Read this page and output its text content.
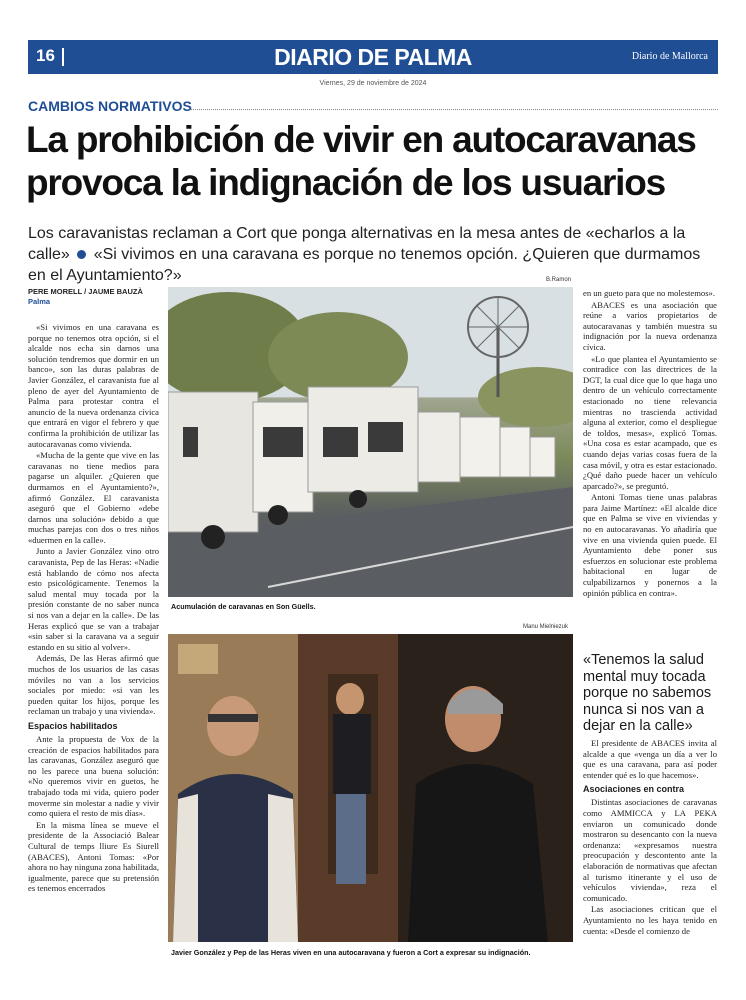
16	DIARIO DE PALMA	Diario de Mallorca
Viernes, 29 de noviembre de 2024
CAMBIOS NORMATIVOS
La prohibición de vivir en autocaravanas provoca la indignación de los usuarios
Los caravanistas reclaman a Cort que ponga alternativas en la mesa antes de «echarlos a la calle» «Si vivimos en una caravana es porque no tenemos opción. ¿Quieren que durmamos en el Ayuntamiento?»
PERE MORELL / JAUME BAUZÀ
Palma

«Si vivimos en una caravana es porque no tenemos otra opción, si el alcalde nos echa sin darnos una solución tendremos que dormir en un banco», son las duras palabras de Javier González, el caravanista fue al pleno de ayer del Ayuntamiento de Palma para protestar contra el anuncio de la nueva ordenanza cívica que entrará en vigor el febrero y que confirma la prohibición de utilizar las autocaravanas como vivienda.

«Mucha de la gente que vive en las caravanas no tiene medios para pagarse un alquiler. ¿Quieren que durmamos en el Ayuntamiento?», afirmó González. El caravanista aseguró que el Gobierno «debe darnos una solución» debido a que muchas parejas con dos o tres niños «duermen en la calle».

Junto a Javier González vino otro caravanista, Pep de las Heras: «Nadie está hablando de cómo nos afecta esto psicológicamente. Tenemos la salud mental muy tocada por la presión constante de no saber nunca si nos van a dejar en la calle». De las Heras explicó que se van a trabajar «sin saber si la caravana va a seguir estando en su sitio al volver».

Además, De las Heras afirmó que muchos de los usuarios de las casas móviles no van a los servicios sociales por miedo: «si van les pueden quitar los hijos, porque les reclaman un trabajo y una vivienda».

Espacios habilitados

Ante la propuesta de Vox de la creación de espacios habilitados para las caravanas, González aseguró que no les parece una buena solución: «No queremos vivir en guetos, he trabajado toda mi vida, quiero poder moverme sin molestar a nadie y vivir como quiera el resto de mis días».

En la misma línea se mueve el presidente de la Associació Balear Cultural de temps lliure Es Siurell (ABACES), Antoni Tomas: «Por ahora no hay ninguna zona habilitada, igualmente, parece que su pretensión es tenemos encerrados

B.Ramon
Acumulación de caravanas en Son Güells.
Manu Mielniezuk
Javier González y Pep de las Heras viven en una autocaravana y fueron a Cort a expresar su indignación.

en un gueto para que no molestemos».

ABACES es una asociación que reúne a varios propietarios de autocaravanas y también muestra su indignación por la nueva ordenanza cívica.

«Lo que plantea el Ayuntamiento se contradice con las directrices de la DGT, la cual dice que lo que haga uno dentro de un vehículo correctamente estacionado no tiene relevancia mientras no trascienda actividad alguna al exterior, como el despliegue de toldos, mesas», explicó Tomas. «Una cosa es estar acampado, que es cuando dejas varias cosas fuera de la casa móvil, y otra es estar estacionado. ¿Qué daño puede hacer un vehículo aparcado?», se preguntó.

Antoni Tomas tiene unas palabras para Jaime Martínez: «El alcalde dice que en Palma se vive en viviendas y no en autocaravanas. Yo añadiría que vive en una vivienda quien puede. El Ayuntamiento debe poner sus esfuerzos en solucionar este problema habitacional en lugar de culpabilizarnos y ponernos a la opinión pública en contra».

«Tenemos la salud mental muy tocada porque no sabemos nunca si nos van a dejar en la calle»

El presidente de ABACES invita al alcalde a que «venga un día a ver lo que es una caravana, para así poder entender qué es lo que hacemos».

Asociaciones en contra

Distintas asociaciones de caravanas como AMMICCA y LA PEKA enviaron un comunicado donde mostraron su desencanto con la nueva ordenanza: «expresamos nuestra preocupación y descontento ante la elaboración de normativas que afectan al turismo itinerante y el uso de vehículos vivienda», reza el comunicado.

Las asociaciones critican que el Ayuntamiento no les haya tenido en cuenta: «Desde el comienzo de
